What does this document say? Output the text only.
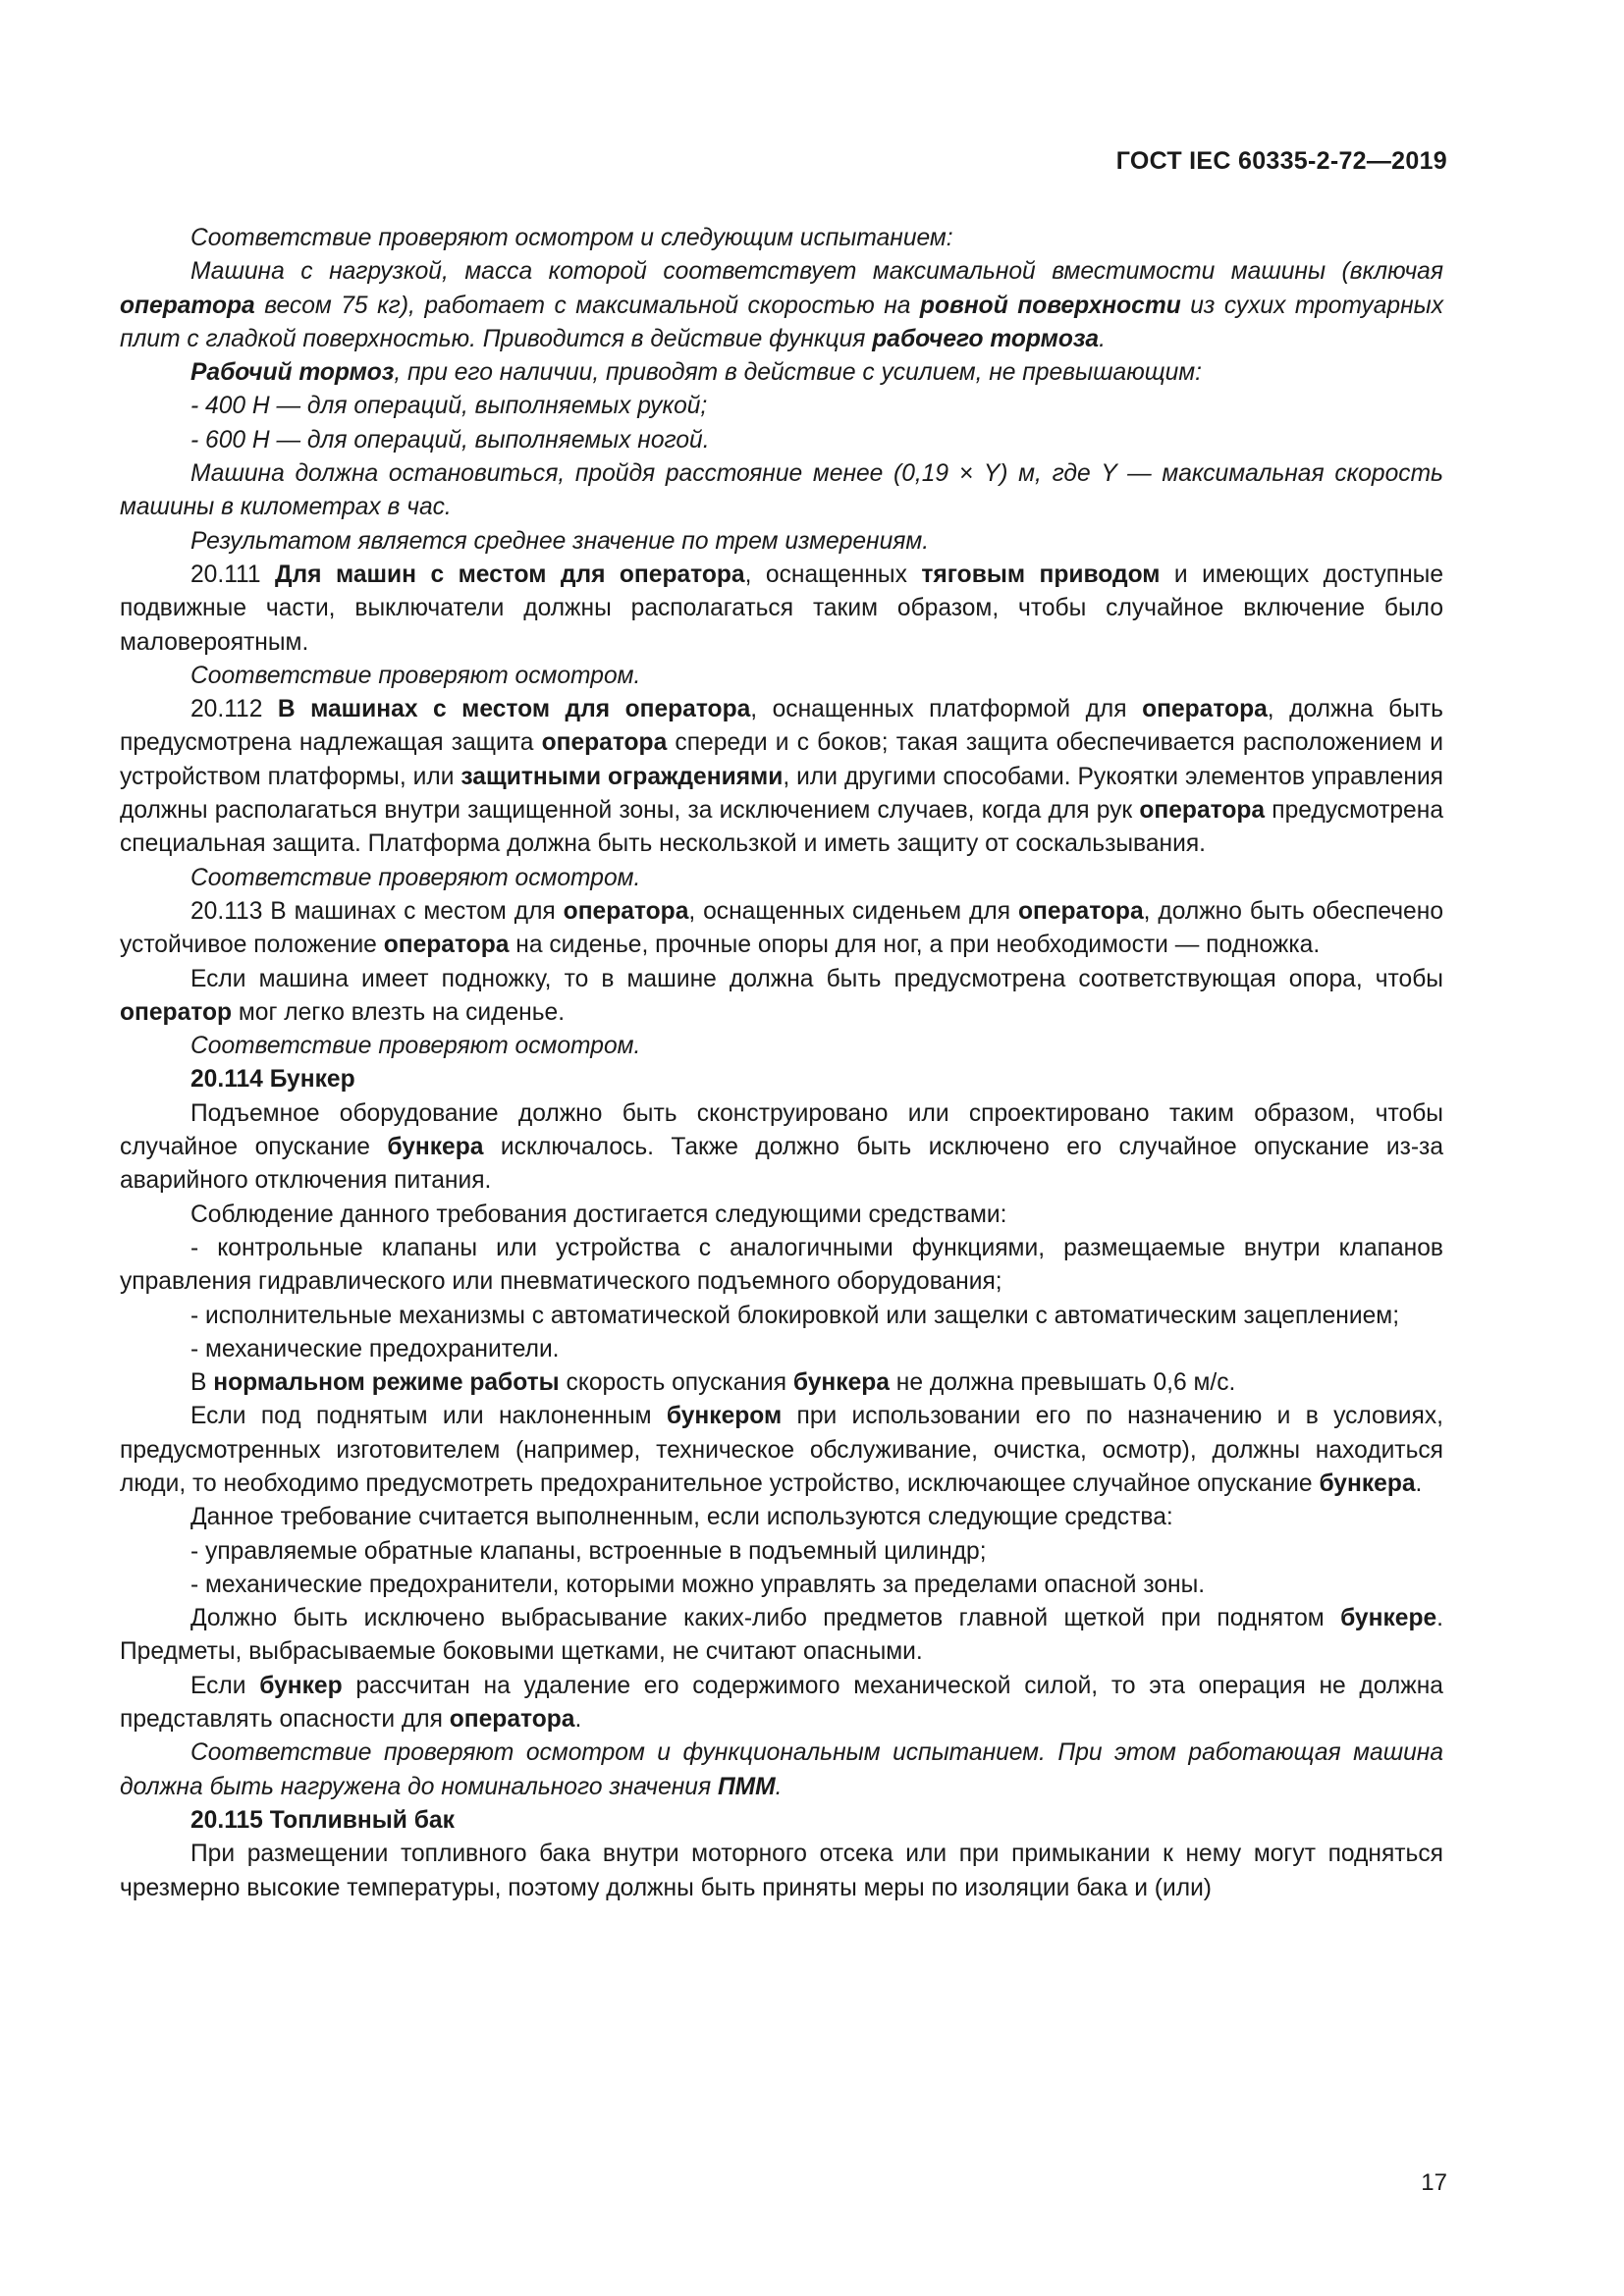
ГОСТ IEC 60335-2-72—2019

Соответствие проверяют осмотром и следующим испытанием:

Машина с нагрузкой, масса которой соответствует максимальной вместимости машины (включая оператора весом 75 кг), работает с максимальной скоростью на ровной поверхности из сухих тротуарных плит с гладкой поверхностью. Приводится в действие функция рабочего тормоза.

Рабочий тормоз, при его наличии, приводят в действие с усилием, не превышающим:

- 400 Н — для операций, выполняемых рукой;

- 600 Н — для операций, выполняемых ногой.

Машина должна остановиться, пройдя расстояние менее (0,19 × Y) м, где Y — максимальная скорость машины в километрах в час.

Результатом является среднее значение по трем измерениям.

20.111 Для машин с местом для оператора, оснащенных тяговым приводом и имеющих доступные подвижные части, выключатели должны располагаться таким образом, чтобы случайное включение было маловероятным.

Соответствие проверяют осмотром.

20.112 В машинах с местом для оператора, оснащенных платформой для оператора, должна быть предусмотрена надлежащая защита оператора спереди и с боков; такая защита обеспечивается расположением и устройством платформы, или защитными ограждениями, или другими способами. Рукоятки элементов управления должны располагаться внутри защищенной зоны, за исключением случаев, когда для рук оператора предусмотрена специальная защита. Платформа должна быть нескользкой и иметь защиту от соскальзывания.

Соответствие проверяют осмотром.

20.113 В машинах с местом для оператора, оснащенных сиденьем для оператора, должно быть обеспечено устойчивое положение оператора на сиденье, прочные опоры для ног, а при необходимости — подножка.

Если машина имеет подножку, то в машине должна быть предусмотрена соответствующая опора, чтобы оператор мог легко влезть на сиденье.

Соответствие проверяют осмотром.

20.114 Бункер

Подъемное оборудование должно быть сконструировано или спроектировано таким образом, чтобы случайное опускание бункера исключалось. Также должно быть исключено его случайное опускание из-за аварийного отключения питания.

Соблюдение данного требования достигается следующими средствами:

- контрольные клапаны или устройства с аналогичными функциями, размещаемые внутри клапанов управления гидравлического или пневматического подъемного оборудования;

- исполнительные механизмы с автоматической блокировкой или защелки с автоматическим зацеплением;

- механические предохранители.

В нормальном режиме работы скорость опускания бункера не должна превышать 0,6 м/с.

Если под поднятым или наклоненным бункером при использовании его по назначению и в условиях, предусмотренных изготовителем (например, техническое обслуживание, очистка, осмотр), должны находиться люди, то необходимо предусмотреть предохранительное устройство, исключающее случайное опускание бункера.

Данное требование считается выполненным, если используются следующие средства:

- управляемые обратные клапаны, встроенные в подъемный цилиндр;

- механические предохранители, которыми можно управлять за пределами опасной зоны.

Должно быть исключено выбрасывание каких-либо предметов главной щеткой при поднятом бункере. Предметы, выбрасываемые боковыми щетками, не считают опасными.

Если бункер рассчитан на удаление его содержимого механической силой, то эта операция не должна представлять опасности для оператора.

Соответствие проверяют осмотром и функциональным испытанием. При этом работающая машина должна быть нагружена до номинального значения ПММ.

20.115 Топливный бак

При размещении топливного бака внутри моторного отсека или при примыкании к нему могут подняться чрезмерно высокие температуры, поэтому должны быть приняты меры по изоляции бака и (или)

17
